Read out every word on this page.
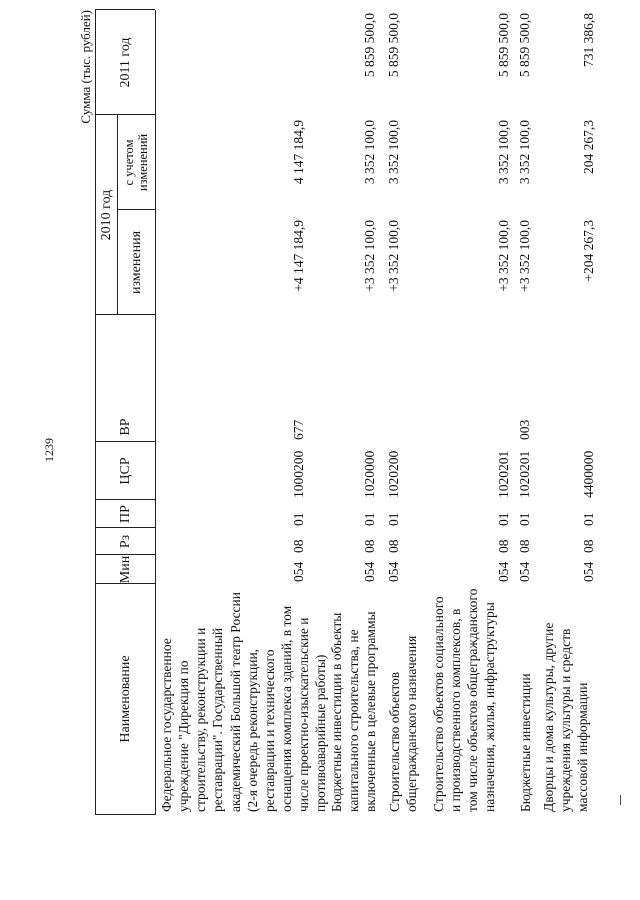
1239
Сумма (тыс. рублей)
Наименование
Мин
Рз
ПР
ЦСР
ВР
2010 год
изменения
с учетом изменений
2011 год
Федеральное государственное учреждение "Дирекция по строительству, реконструкции и реставрации". Государственный академический Большой театр России (2-я очередь реконструкции, реставрации и технического оснащения комплекса зданий, в том числе проектно-изыскательские и противоаварийные работы)
054
08
01
1000200
677
+4 147 184,9
4 147 184,9
Бюджетные инвестиции в объекты капитального строительства, не включенные в целевые программы
054
08
01
1020000
+3 352 100,0
3 352 100,0
5 859 500,0
Строительство объектов общегражданского назначения
054
08
01
1020200
+3 352 100,0
3 352 100,0
5 859 500,0
Строительство объектов социального и производственного комплексов, в том числе объектов общегражданского назначения, жилья, инфраструктуры
054
08
01
1020201
+3 352 100,0
3 352 100,0
5 859 500,0
Бюджетные инвестиции
054
08
01
1020201
003
+3 352 100,0
3 352 100,0
5 859 500,0
Дворцы и дома культуры, другие учреждения культуры и средств массовой информации
054
08
01
4400000
+204 267,3
204 267,3
731 386,8
